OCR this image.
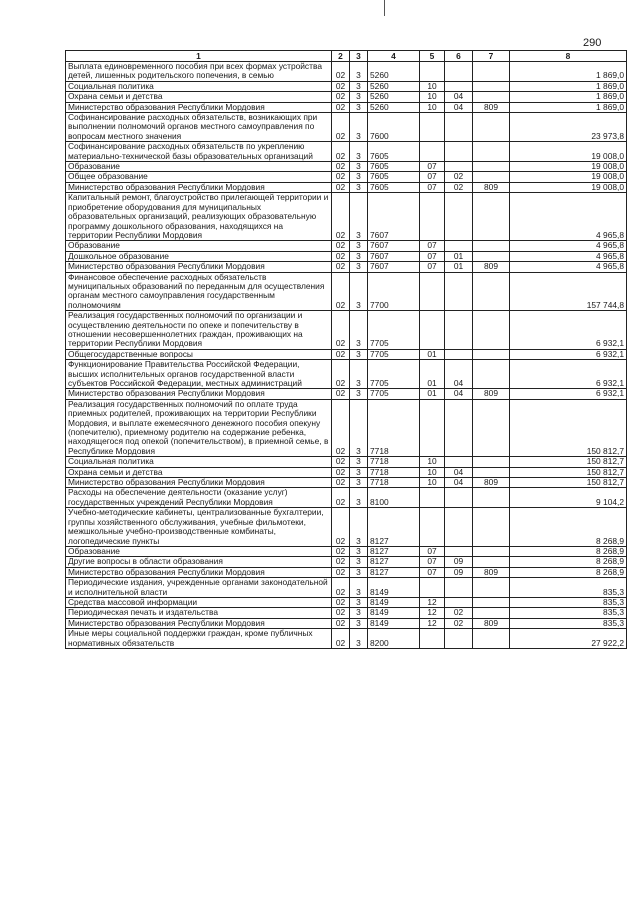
290
1	2	3	4	5	6	7	8
Выплата единовременного пособия при всех формах устройства детей, лишенных родительского попечения, в семью	02	3	5260				1 869,0
Социальная политика	02	3	5260	10			1 869,0
Охрана семьи и детства	02	3	5260	10	04		1 869,0
Министерство образования Республики Мордовия	02	3	5260	10	04	809	1 869,0
Софинансирование расходных обязательств, возникающих при выполнении полномочий органов местного самоуправления по вопросам местного значения	02	3	7600				23 973,8
Софинансирование расходных обязательств по укреплению материально-технической базы образовательных организаций	02	3	7605				19 008,0
Образование	02	3	7605	07			19 008,0
Общее образование	02	3	7605	07	02		19 008,0
Министерство образования Республики Мордовия	02	3	7605	07	02	809	19 008,0
Капитальный ремонт, благоустройство прилегающей территории и приобретение оборудования для муниципальных образовательных организаций, реализующих образовательную программу дошкольного образования, находящихся на территории Республики Мордовия	02	3	7607				4 965,8
Образование	02	3	7607	07			4 965,8
Дошкольное образование	02	3	7607	07	01		4 965,8
Министерство образования Республики Мордовия	02	3	7607	07	01	809	4 965,8
Финансовое обеспечение расходных обязательств муниципальных образований по переданным для осуществления органам местного самоуправления государственным полномочиям	02	3	7700				157 744,8
Реализация государственных полномочий по организации и осуществлению деятельности по опеке и попечительству в отношении несовершеннолетних граждан, проживающих на территории Республики Мордовия	02	3	7705				6 932,1
Общегосударственные вопросы	02	3	7705	01			6 932,1
Функционирование Правительства Российской Федерации, высших исполнительных органов государственной власти субъектов Российской Федерации, местных администраций	02	3	7705	01	04		6 932,1
Министерство образования Республики Мордовия	02	3	7705	01	04	809	6 932,1
Реализация государственных полномочий по оплате труда приемных родителей, проживающих на территории Республики Мордовия, и выплате ежемесячного денежного пособия опекуну (попечителю), приемному родителю на содержание ребенка, находящегося под опекой (попечительством), в приемной семье, в Республике Мордовия	02	3	7718				150 812,7
Социальная политика	02	3	7718	10			150 812,7
Охрана семьи и детства	02	3	7718	10	04		150 812,7
Министерство образования Республики Мордовия	02	3	7718	10	04	809	150 812,7
Расходы на обеспечение деятельности (оказание услуг) государственных учреждений Республики Мордовия	02	3	8100				9 104,2
Учебно-методические кабинеты, централизованные бухгалтерии, группы хозяйственного обслуживания, учебные фильмотеки, межшкольные учебно-производственные комбинаты, логопедические пункты	02	3	8127				8 268,9
Образование	02	3	8127	07			8 268,9
Другие вопросы в области образования	02	3	8127	07	09		8 268,9
Министерство образования Республики Мордовия	02	3	8127	07	09	809	8 268,9
Периодические издания, учрежденные органами законодательной и исполнительной власти	02	3	8149				835,3
Средства массовой информации	02	3	8149	12			835,3
Периодическая печать и издательства	02	3	8149	12	02		835,3
Министерство образования Республики Мордовия	02	3	8149	12	02	809	835,3
Иные меры социальной поддержки граждан, кроме публичных нормативных обязательств	02	3	8200				27 922,2
